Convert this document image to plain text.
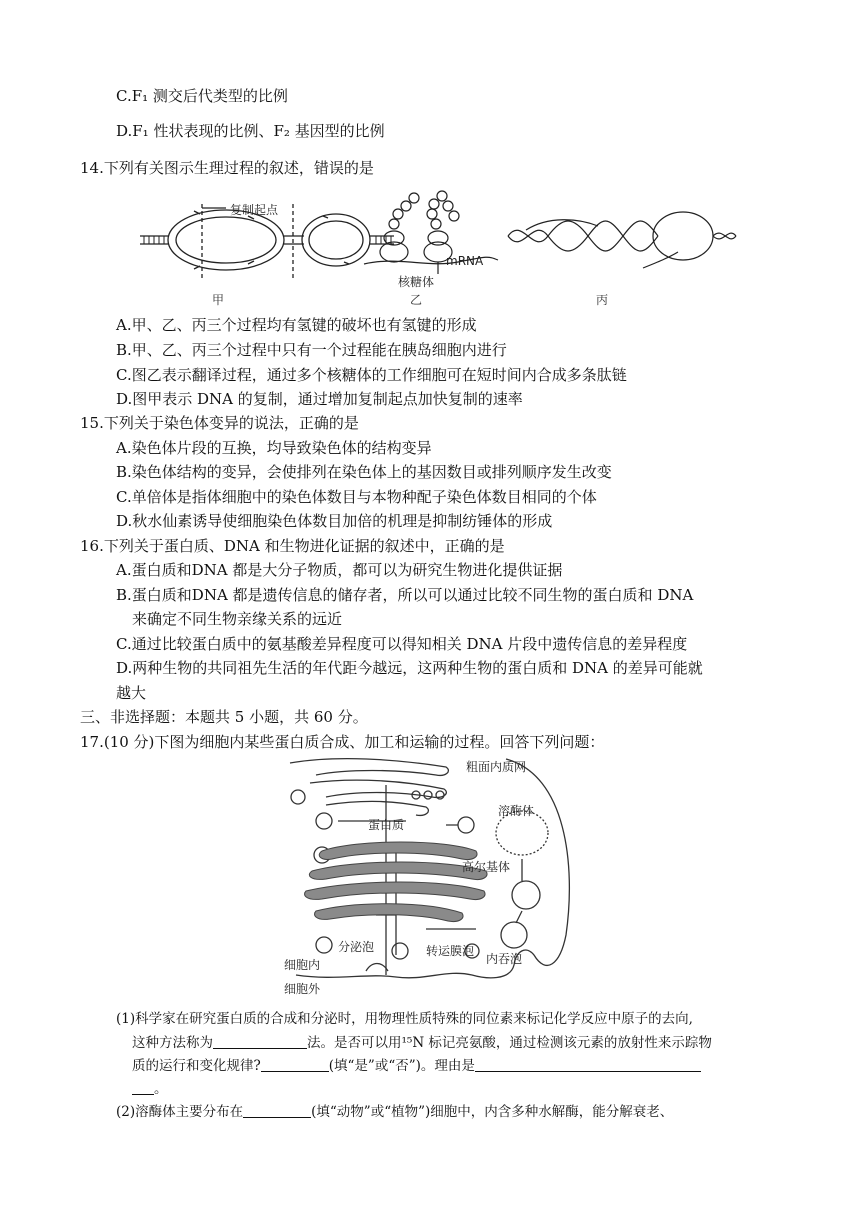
C.F₁ 测交后代类型的比例
D.F₁ 性状表现的比例、F₂ 基因型的比例
14.下列有关图示生理过程的叙述，错误的是
复制起点
甲
mRNA
核糖体
乙	丙
A.甲、乙、丙三个过程均有氢键的破坏也有氢键的形成
B.甲、乙、丙三个过程中只有一个过程能在胰岛细胞内进行
C.图乙表示翻译过程，通过多个核糖体的工作细胞可在短时间内合成多条肽链
D.图甲表示 DNA 的复制，通过增加复制起点加快复制的速率
15.下列关于染色体变异的说法，正确的是
A.染色体片段的互换，均导致染色体的结构变异
B.染色体结构的变异，会使排列在染色体上的基因数目或排列顺序发生改变
C.单倍体是指体细胞中的染色体数目与本物种配子染色体数目相同的个体
D.秋水仙素诱导使细胞染色体数目加倍的机理是抑制纺锤体的形成
16.下列关于蛋白质、DNA 和生物进化证据的叙述中，正确的是
A.蛋白质和DNA 都是大分子物质，都可以为研究生物进化提供证据
B.蛋白质和DNA 都是遗传信息的储存者，所以可以通过比较不同生物的蛋白质和 DNA
来确定不同生物亲缘关系的远近
C.通过比较蛋白质中的氨基酸差异程度可以得知相关 DNA 片段中遗传信息的差异程度
D.两种生物的共同祖先生活的年代距今越远，这两种生物的蛋白质和 DNA 的差异可能就
越大
三、非选择题：本题共 5 小题，共 60 分。
17.(10 分)下图为细胞内某些蛋白质合成、加工和运输的过程。回答下列问题：
粗面内质网
蛋白质
溶酶体
高尔基体
分泌泡	转运膜泡
内吞泡
细胞内
细胞外
(1)科学家在研究蛋白质的合成和分泌时，用物理性质特殊的同位素来标记化学反应中原子的去向,
这种方法称为	法。是否可以用¹⁵N 标记亮氨酸，通过检测该元素的放射性来示踪物
质的运行和变化规律?	(填“是”或“否”)。理由是
。
(2)溶酶体主要分布在	(填“动物”或“植物”)细胞中，内含多种水解酶，能分解衰老、
